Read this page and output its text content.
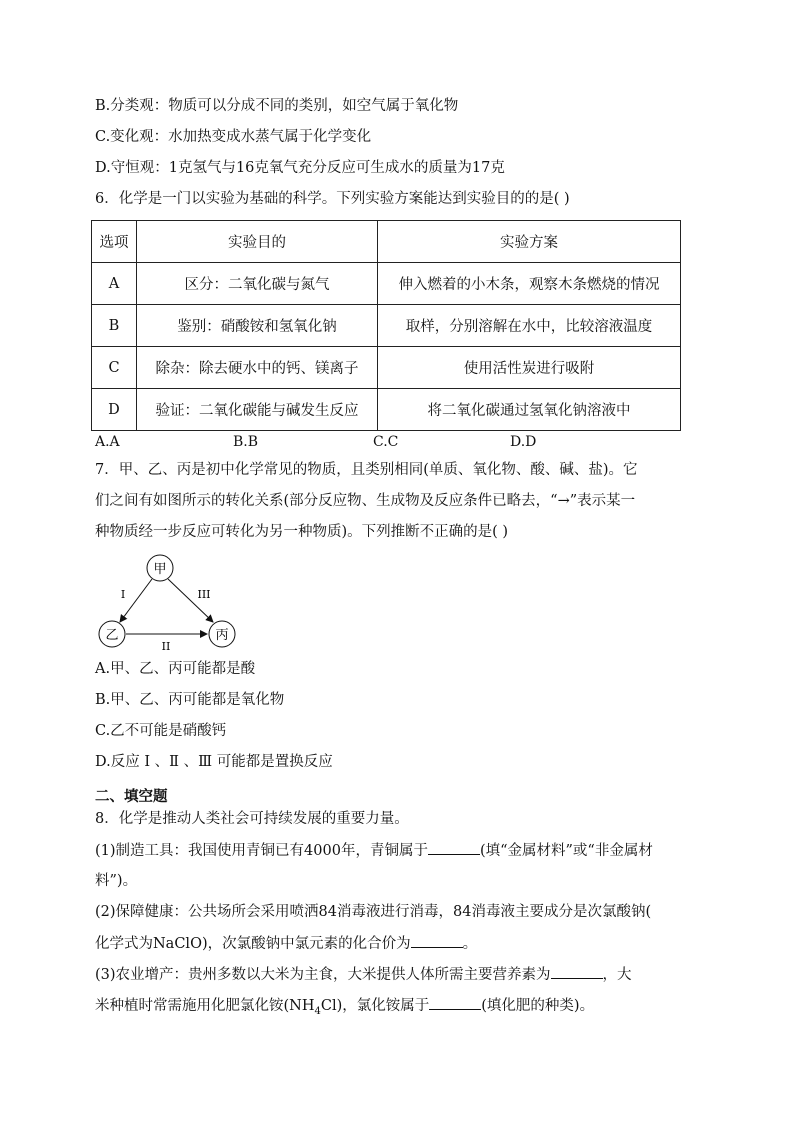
B.分类观：物质可以分成不同的类别，如空气属于氧化物
C.变化观：水加热变成水蒸气属于化学变化
D.守恒观：1克氢气与16克氧气充分反应可生成水的质量为17克
6．化学是一门以实验为基础的科学。下列实验方案能达到实验目的的是( )
选项	实验目的	实验方案
A	区分：二氧化碳与氮气	伸入燃着的小木条，观察木条燃烧的情况
B	鉴别：硝酸铵和氢氧化钠	取样，分别溶解在水中，比较溶液温度
C	除杂：除去硬水中的钙、镁离子	使用活性炭进行吸附
D	验证：二氧化碳能与碱发生反应	将二氧化碳通过氢氧化钠溶液中
A.A	B.B	C.C	D.D
7．甲、乙、丙是初中化学常见的物质，且类别相同(单质、氧化物、酸、碱、盐)。它
们之间有如图所示的转化关系(部分反应物、生成物及反应条件已略去，“→”表示某一
种物质经一步反应可转化为另一种物质)。下列推断不正确的是( )
甲
乙	丙
I	III
II
A.甲、乙、丙可能都是酸
B.甲、乙、丙可能都是氧化物
C.乙不可能是硝酸钙
D.反应 Ⅰ 、Ⅱ 、Ⅲ 可能都是置换反应
二、填空题
8．化学是推动人类社会可持续发展的重要力量。
(1)制造工具：我国使用青铜已有4000年，青铜属于	(填“金属材料”或“非金属材
料”)。
(2)保障健康：公共场所会采用喷洒84消毒液进行消毒，84消毒液主要成分是次氯酸钠(
化学式为NaClO)，次氯酸钠中氯元素的化合价为	。
(3)农业增产：贵州多数以大米为主食，大米提供人体所需主要营养素为	，大
米种植时常需施用化肥氯化铵$(NH_4Cl)$，氯化铵属于	(填化肥的种类)。
